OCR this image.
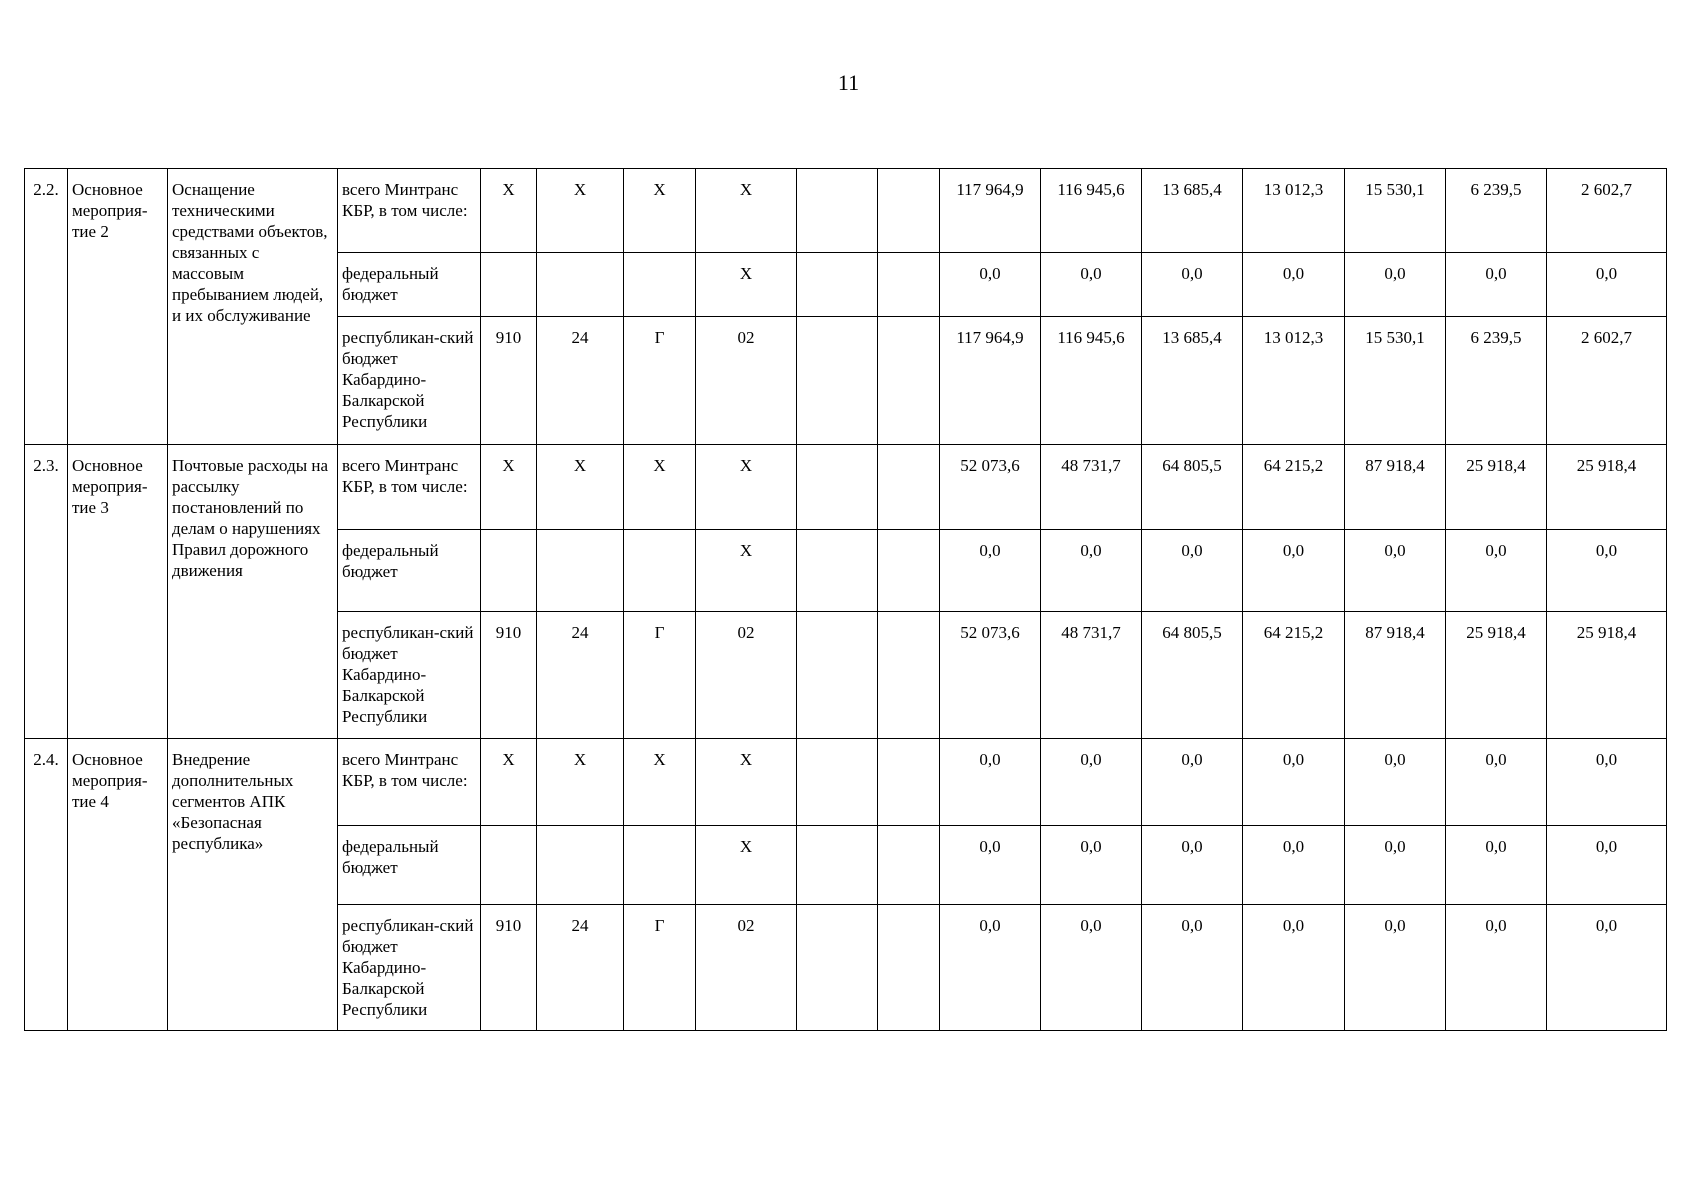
11
2.2.	Основное мероприя-тие 2	Оснащение техническими средствами объектов, связанных с массовым пребыванием людей, и их обслуживание	всего Минтранс КБР, в том числе:	Х	Х	Х	Х			117 964,9	116 945,6	13 685,4	13 012,3	15 530,1	6 239,5	2 602,7
			федеральный бюджет				Х			0,0	0,0	0,0	0,0	0,0	0,0	0,0
			республикан-ский бюджет Кабардино-Балкарской Республики	910	24	Г	02			117 964,9	116 945,6	13 685,4	13 012,3	15 530,1	6 239,5	2 602,7
2.3.	Основное мероприя-тие 3	Почтовые расходы на рассылку постановлений по делам о нарушениях Правил дорожного движения	всего Минтранс КБР, в том числе:	Х	Х	Х	Х			52 073,6	48 731,7	64 805,5	64 215,2	87 918,4	25 918,4	25 918,4
			федеральный бюджет				Х			0,0	0,0	0,0	0,0	0,0	0,0	0,0
			республикан-ский бюджет Кабардино-Балкарской Республики	910	24	Г	02			52 073,6	48 731,7	64 805,5	64 215,2	87 918,4	25 918,4	25 918,4
2.4.	Основное мероприя-тие 4	Внедрение дополнительных сегментов АПК «Безопасная республика»	всего Минтранс КБР, в том числе:	Х	Х	Х	Х			0,0	0,0	0,0	0,0	0,0	0,0	0,0
			федеральный бюджет				Х			0,0	0,0	0,0	0,0	0,0	0,0	0,0
			республикан-ский бюджет Кабардино-Балкарской Республики	910	24	Г	02			0,0	0,0	0,0	0,0	0,0	0,0	0,0
